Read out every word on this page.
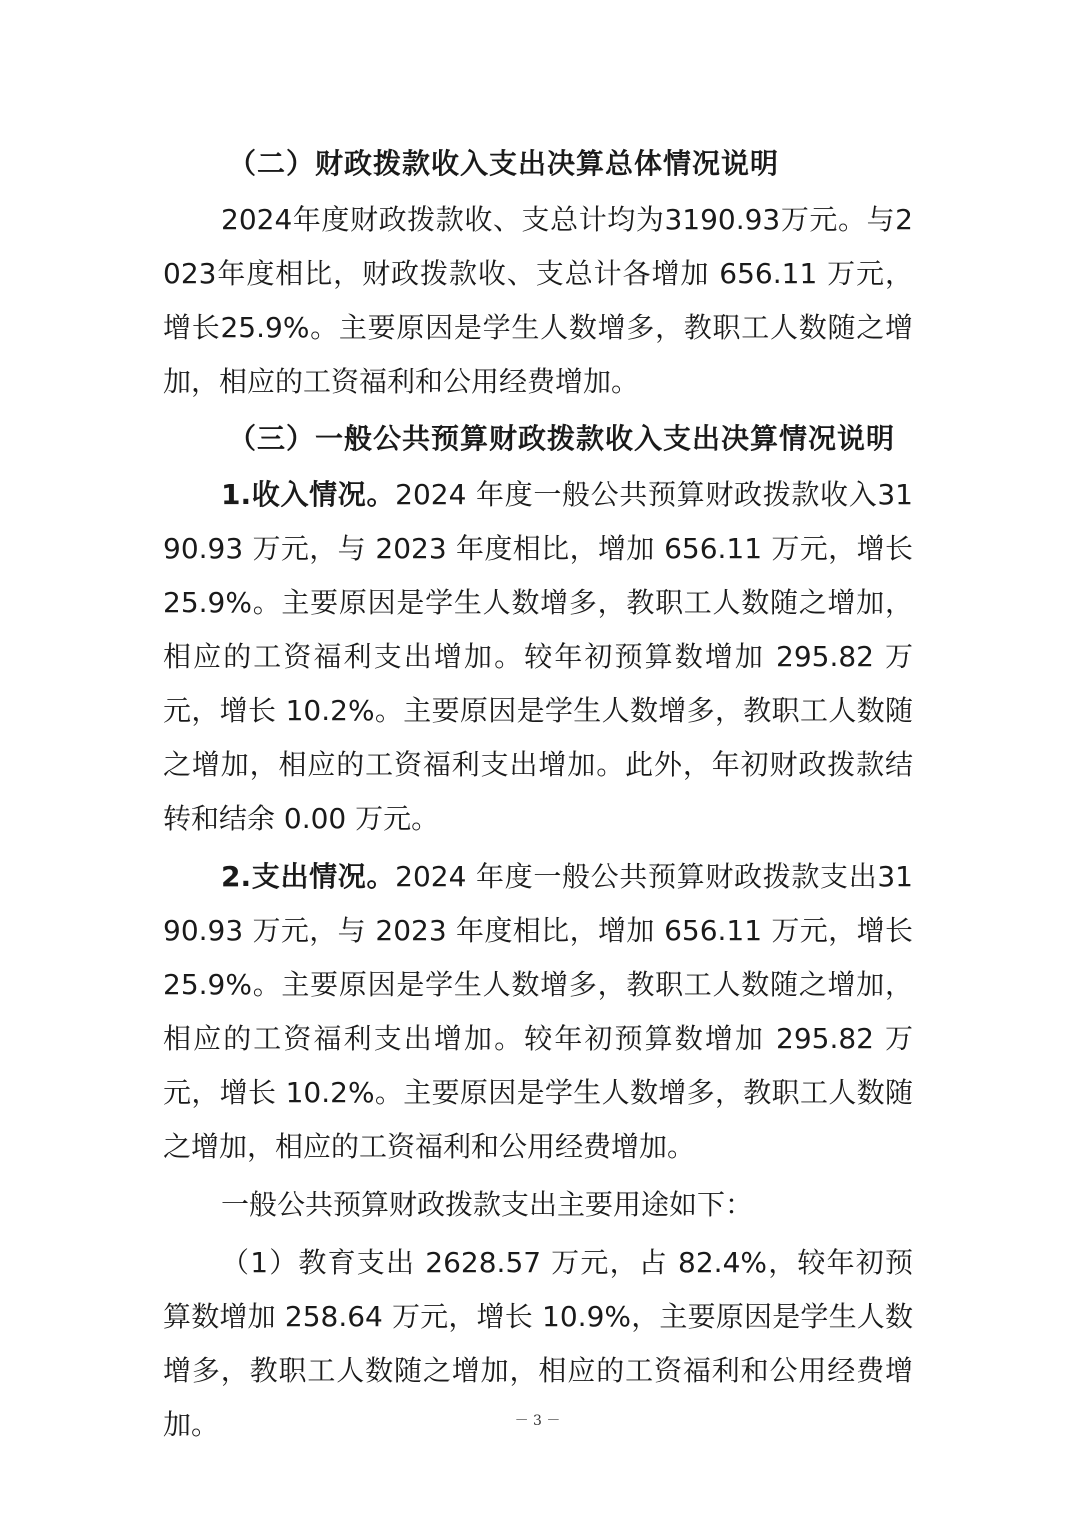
（二）财政拨款收入支出决算总体情况说明

2024年度财政拨款收、支总计均为3190.93万元。与2023年度相比，财政拨款收、支总计各增加 656.11 万元，增长25.9%。主要原因是学生人数增多，教职工人数随之增加，相应的工资福利和公用经费增加。

（三）一般公共预算财政拨款收入支出决算情况说明

1.收入情况。2024 年度一般公共预算财政拨款收入3190.93 万元，与 2023 年度相比，增加 656.11 万元，增长25.9%。主要原因是学生人数增多，教职工人数随之增加，相应的工资福利支出增加。较年初预算数增加 295.82 万元，增长 10.2%。主要原因是学生人数增多，教职工人数随之增加，相应的工资福利支出增加。此外，年初财政拨款结转和结余 0.00 万元。

2.支出情况。2024 年度一般公共预算财政拨款支出3190.93 万元，与 2023 年度相比，增加 656.11 万元，增长25.9%。主要原因是学生人数增多，教职工人数随之增加，相应的工资福利支出增加。较年初预算数增加 295.82 万元，增长 10.2%。主要原因是学生人数增多，教职工人数随之增加，相应的工资福利和公用经费增加。

一般公共预算财政拨款支出主要用途如下：

（1）教育支出 2628.57 万元，占 82.4%，较年初预算数增加 258.64 万元，增长 10.9%，主要原因是学生人数增多，教职工人数随之增加，相应的工资福利和公用经费增加。	－ 3 －
